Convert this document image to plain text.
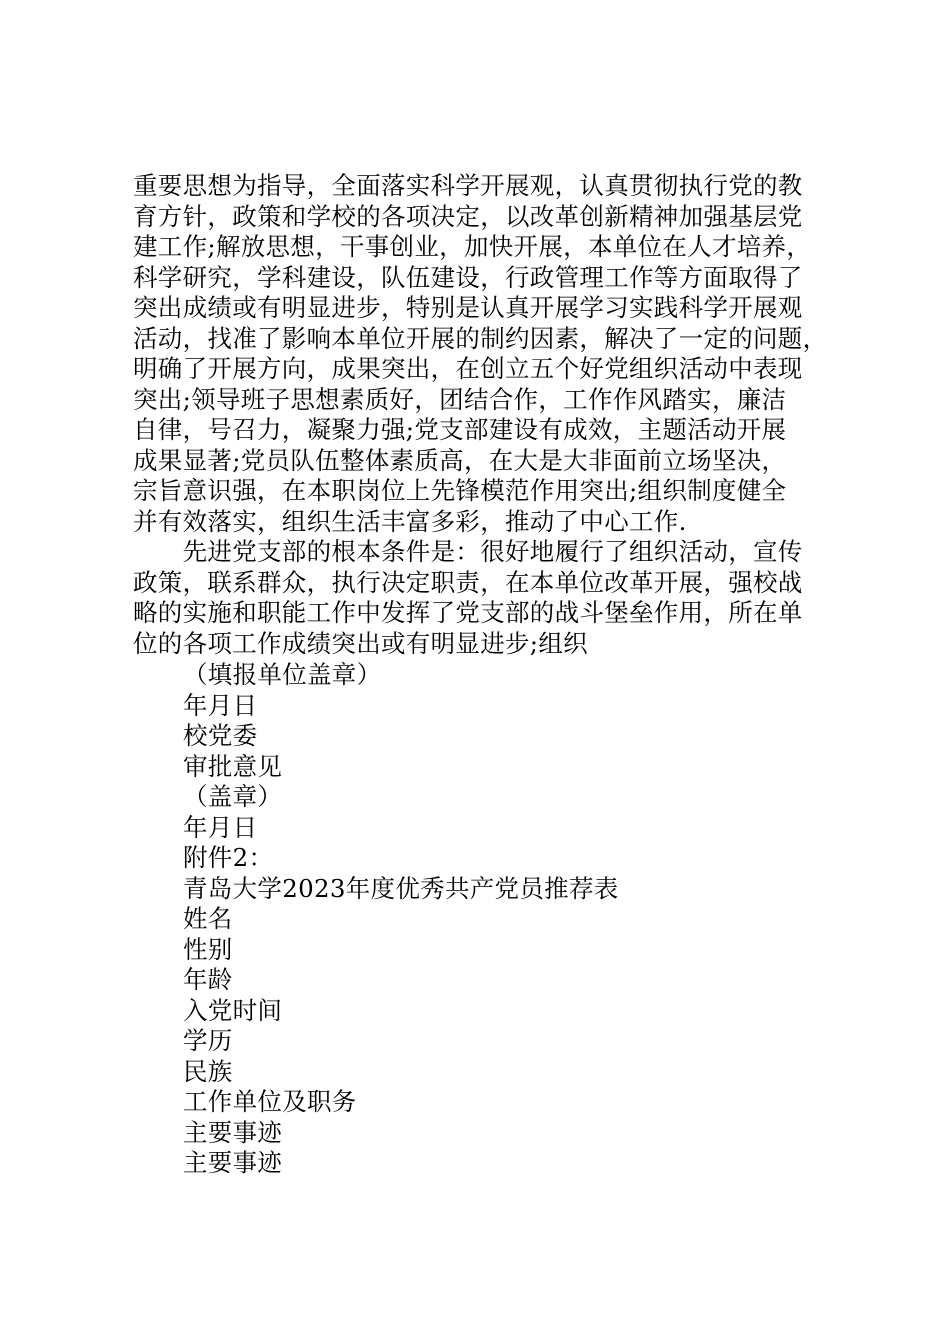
重要思想为指导，全面落实科学开展观，认真贯彻执行党的教
育方针，政策和学校的各项决定，以改革创新精神加强基层党
建工作;解放思想，干事创业，加快开展，本单位在人才培养，
科学研究，学科建设，队伍建设，行政管理工作等方面取得了
突出成绩或有明显进步，特别是认真开展学习实践科学开展观
活动，找准了影响本单位开展的制约因素，解决了一定的问题，
明确了开展方向，成果突出，在创立五个好党组织活动中表现
突出;领导班子思想素质好，团结合作，工作作风踏实，廉洁
自律，号召力，凝聚力强;党支部建设有成效，主题活动开展
成果显著;党员队伍整体素质高，在大是大非面前立场坚决，
宗旨意识强，在本职岗位上先锋模范作用突出;组织制度健全
并有效落实，组织生活丰富多彩，推动了中心工作.

　　先进党支部的根本条件是：很好地履行了组织活动，宣传
政策，联系群众，执行决定职责，在本单位改革开展，强校战
略的实施和职能工作中发挥了党支部的战斗堡垒作用，所在单
位的各项工作成绩突出或有明显进步;组织

（填报单位盖章）
年月日
校党委
审批意见
（盖章）
年月日
附件2：
青岛大学2023年度优秀共产党员推荐表
姓名
性别
年龄
入党时间
学历
民族
工作单位及职务
主要事迹
主要事迹
